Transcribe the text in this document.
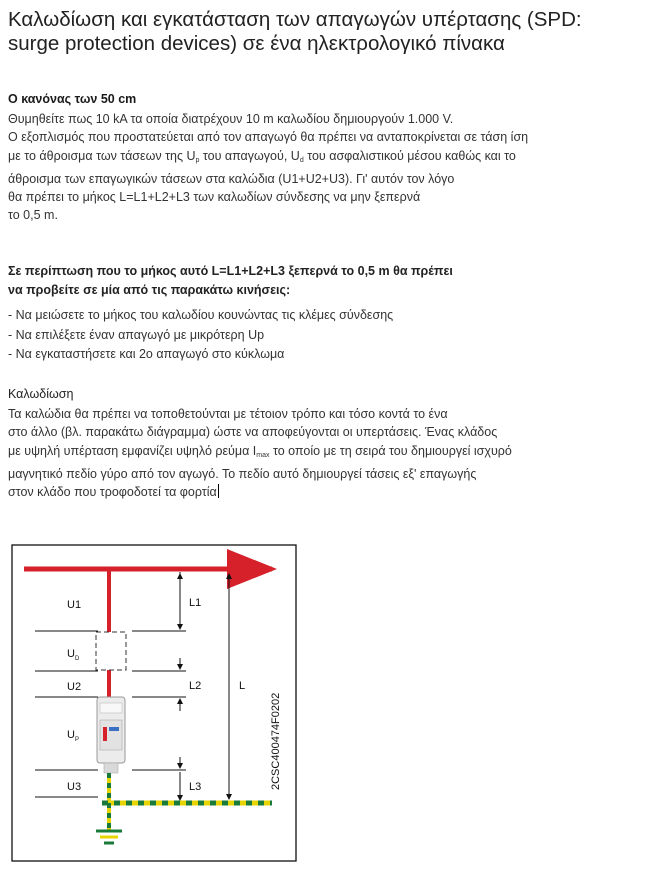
Καλωδίωση και εγκατάσταση των απαγωγών υπέρτασης (SPD: surge protection devices) σε ένα ηλεκτρολογικό πίνακα
Ο κανόνας των 50 cm
Θυμηθείτε πως 10 kA τα οποία διατρέχουν 10 m καλωδίου δημιουργούν 1.000 V.
Ο εξοπλισμός που προστατεύεται από τον απαγωγό θα πρέπει να ανταποκρίνεται σε τάση ίση
με το άθροισμα των τάσεων της $U_p$ του απαγωγού, $U_d$ του ασφαλιστικού μέσου καθώς και το
άθροισμα των επαγωγικών τάσεων στα καλώδια (U1+U2+U3). Γι' αυτόν τον λόγο
θα πρέπει το μήκος L=L1+L2+L3 των καλωδίων σύνδεσης να μην ξεπερνά
το 0,5 m.
Σε περίπτωση που το μήκος αυτό L=L1+L2+L3 ξεπερνά το 0,5 m θα πρέπει
να προβείτε σε μία από τις παρακάτω κινήσεις:
- Να μειώσετε το μήκος του καλωδίου κουνώντας τις κλέμες σύνδεσης
- Να επιλέξετε έναν απαγωγό με μικρότερη Up
- Να εγκαταστήσετε και 2ο απαγωγό στο κύκλωμα
Καλωδίωση
Τα καλώδια θα πρέπει να τοποθετούνται με τέτοιον τρόπο και τόσο κοντά το ένα
στο άλλο (βλ. παρακάτω διάγραμμα) ώστε να αποφεύγονται οι υπερτάσεις. Ένας κλάδος
με υψηλή υπέρταση εμφανίζει υψηλό ρεύμα $I_{max}$ το οποίο με τη σειρά του δημιουργεί ισχυρό
μαγνητικό πεδίο γύρο από τον αγωγό. Το πεδίο αυτό δημιουργεί τάσεις εξ' επαγωγής
στον κλάδο που τροφοδοτεί τα φορτία
U1
$U_D$
U2
$U_P$
U3
L1
L2
L3
L
2CSC400474F0202
